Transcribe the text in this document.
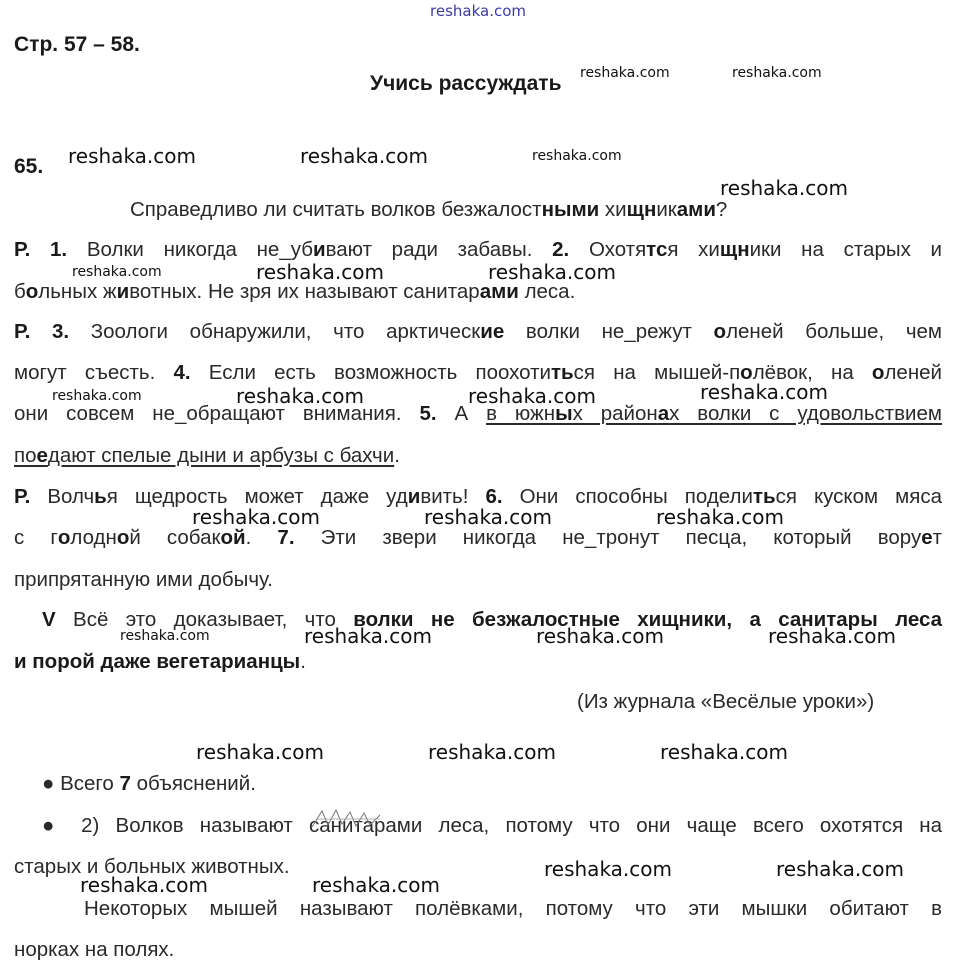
reshaka.com
Стр. 57 – 58.
Учись рассуждать
65.
Справедливо ли считать волков безжалостными хищниками?
Р. 1. Волки никогда не_убивают ради забавы. 2. Охотятся хищники на старых и
больных животных. Не зря их называют санитарами леса.
Р. 3. Зоологи обнаружили, что арктические волки не_режут оленей больше, чем
могут съесть. 4. Если есть возможность поохотиться на мышей-полёвок, на оленей
они совсем не_обращают внимания. 5. А в южных районах волки с удовольствием
поедают спелые дыни и арбузы с бахчи.
Р. Волчья щедрость может даже удивить! 6. Они способны поделиться куском мяса
с голодной собакой. 7. Эти звери никогда не_тронут песца, который ворует
припрятанную ими добычу.
V Всё это доказывает, что волки не безжалостные хищники, а санитары леса
и порой даже вегетарианцы.
(Из журнала «Весёлые уроки»)
● Всего 7 объяснений.
● 2) Волков называют санитарами леса, потому что они чаще всего охотятся на
старых и больных животных.
Некоторых мышей называют полёвками, потому что эти мышки обитают в
норках на полях.
reshaka.com	reshaka.com
reshaka.com	reshaka.com	reshaka.com
reshaka.com
reshaka.com	reshaka.com	reshaka.com
reshaka.com	reshaka.com	reshaka.com	reshaka.com
reshaka.com	reshaka.com	reshaka.com
reshaka.com	reshaka.com	reshaka.com	reshaka.com
reshaka.com	reshaka.com	reshaka.com
reshaka.com	reshaka.com
reshaka.com	reshaka.com
